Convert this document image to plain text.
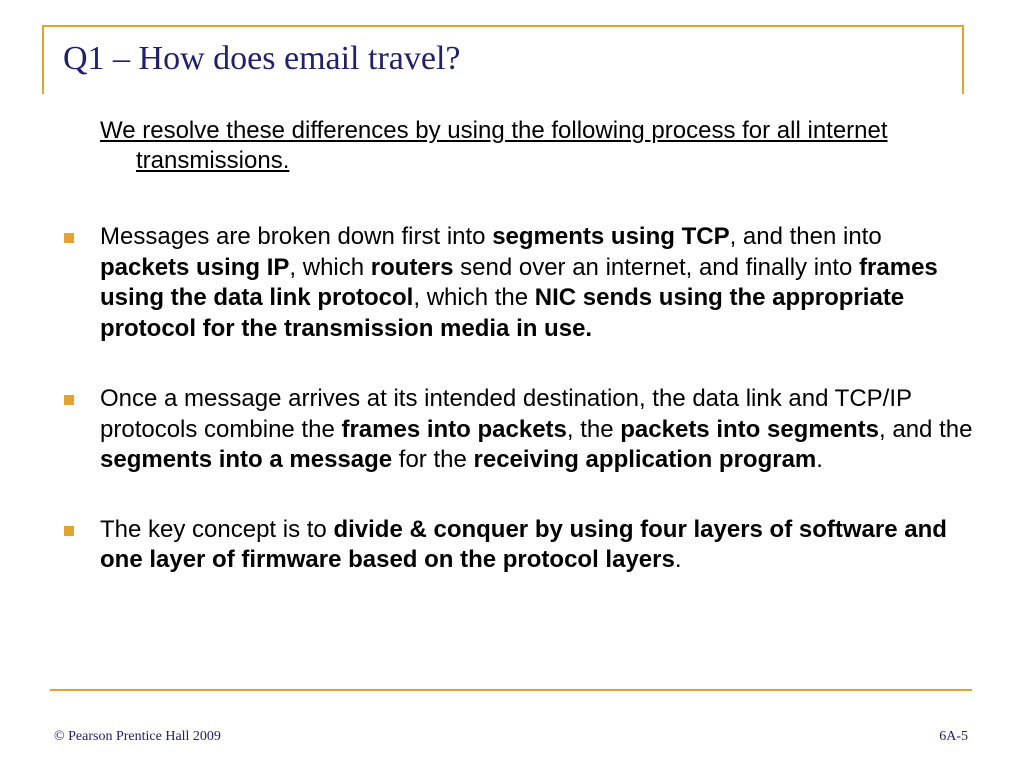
Q1 – How does email travel?

We resolve these differences by using the following process for all internet transmissions.

Messages are broken down first into segments using TCP, and then into packets using IP, which routers send over an internet, and finally into frames using the data link protocol, which the NIC sends using the appropriate protocol for the transmission media in use.
Once a message arrives at its intended destination, the data link and TCP/IP protocols combine the frames into packets, the packets into segments, and the segments into a message for the receiving application program.
The key concept is to divide & conquer by using four layers of software and one layer of firmware based on the protocol layers.
© Pearson Prentice Hall 2009	6A-5
